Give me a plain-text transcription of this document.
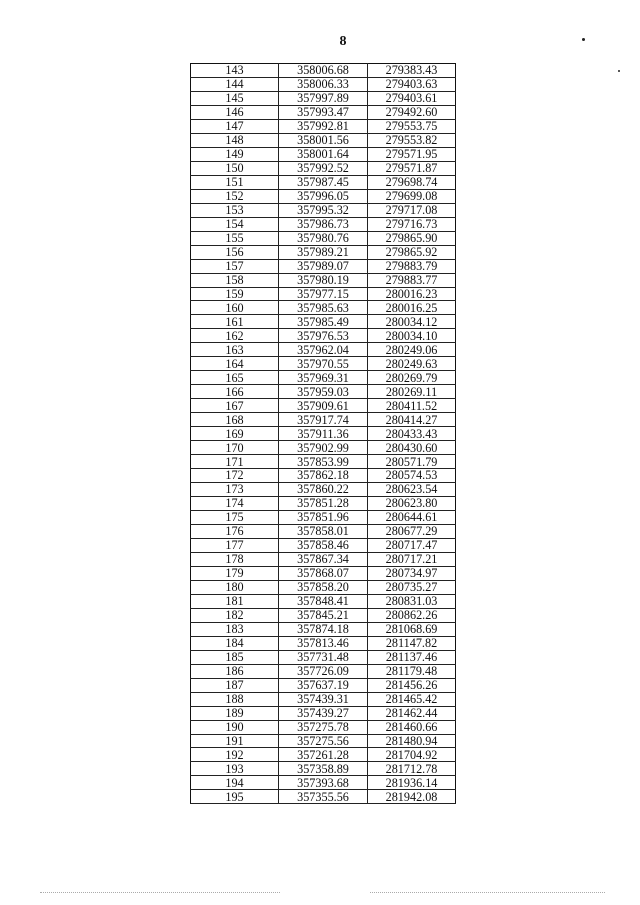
8
143	358006.68	279383.43
144	358006.33	279403.63
145	357997.89	279403.61
146	357993.47	279492.60
147	357992.81	279553.75
148	358001.56	279553.82
149	358001.64	279571.95
150	357992.52	279571.87
151	357987.45	279698.74
152	357996.05	279699.08
153	357995.32	279717.08
154	357986.73	279716.73
155	357980.76	279865.90
156	357989.21	279865.92
157	357989.07	279883.79
158	357980.19	279883.77
159	357977.15	280016.23
160	357985.63	280016.25
161	357985.49	280034.12
162	357976.53	280034.10
163	357962.04	280249.06
164	357970.55	280249.63
165	357969.31	280269.79
166	357959.03	280269.11
167	357909.61	280411.52
168	357917.74	280414.27
169	357911.36	280433.43
170	357902.99	280430.60
171	357853.99	280571.79
172	357862.18	280574.53
173	357860.22	280623.54
174	357851.28	280623.80
175	357851.96	280644.61
176	357858.01	280677.29
177	357858.46	280717.47
178	357867.34	280717.21
179	357868.07	280734.97
180	357858.20	280735.27
181	357848.41	280831.03
182	357845.21	280862.26
183	357874.18	281068.69
184	357813.46	281147.82
185	357731.48	281137.46
186	357726.09	281179.48
187	357637.19	281456.26
188	357439.31	281465.42
189	357439.27	281462.44
190	357275.78	281460.66
191	357275.56	281480.94
192	357261.28	281704.92
193	357358.89	281712.78
194	357393.68	281936.14
195	357355.56	281942.08
